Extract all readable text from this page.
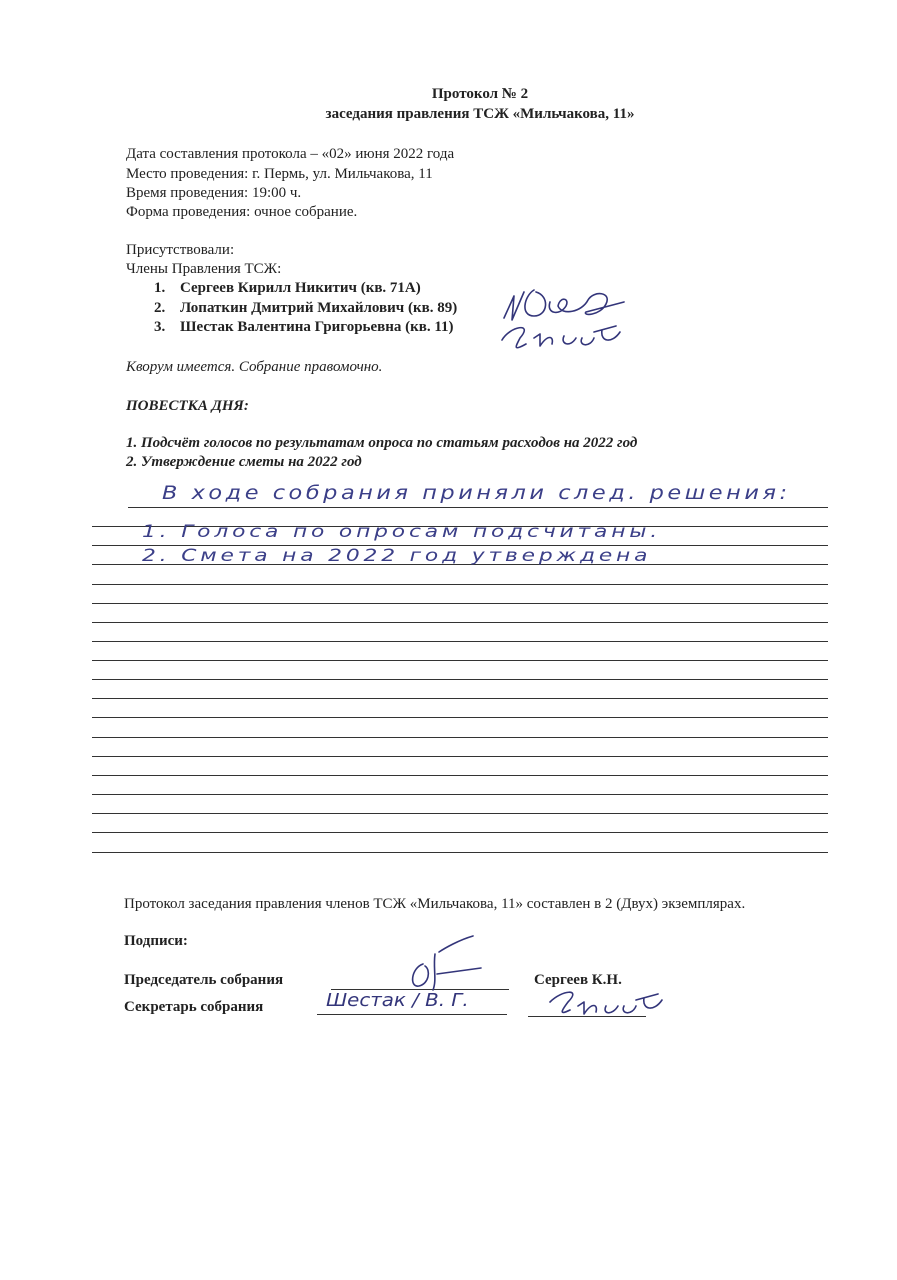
Протокол № 2
заседания правления ТСЖ «Мильчакова, 11»
Дата составления протокола – «02» июня 2022 года
Место проведения: г. Пермь, ул. Мильчакова, 11
Время проведения: 19:00 ч.
Форма проведения: очное собрание.
Присутствовали:
Члены Правления ТСЖ:
1. Сергеев Кирилл Никитич (кв. 71А)
2. Лопаткин Дмитрий Михайлович (кв. 89)
3. Шестак Валентина Григорьевна (кв. 11)
Кворум имеется. Собрание правомочно.
ПОВЕСТКА ДНЯ:
1. Подсчёт голосов по результатам опроса по статьям расходов на 2022 год
2. Утверждение сметы на 2022 год
В ходе собрания приняли след. решения:
1. Голоса по опросам подсчитаны.
2. Смета на 2022 год утверждена
Протокол заседания правления членов ТСЖ «Мильчакова, 11» составлен в 2 (Двух) экземплярах.
Подписи:
Председатель собрания	Сергеев К.Н.
Секретарь собрания	Шестак / В. Г.
